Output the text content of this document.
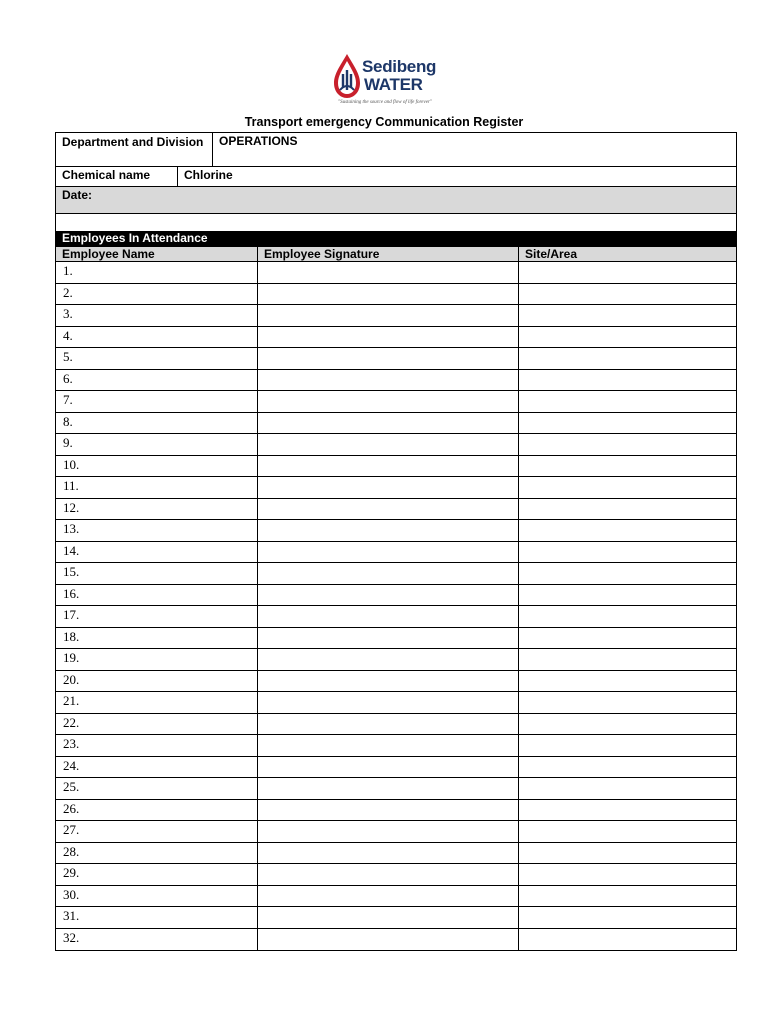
Sedibeng
WATER
"Sustaining the source and flow of life forever"
Transport emergency Communication Register
Department and Division	OPERATIONS
Chemical name	Chlorine
Date:
Employees In Attendance
Employee Name	Employee Signature	Site/Area
1.
2.
3.
4.
5.
6.
7.
8.
9.
10.
11.
12.
13.
14.
15.
16.
17.
18.
19.
20.
21.
22.
23.
24.
25.
26.
27.
28.
29.
30.
31.
32.
